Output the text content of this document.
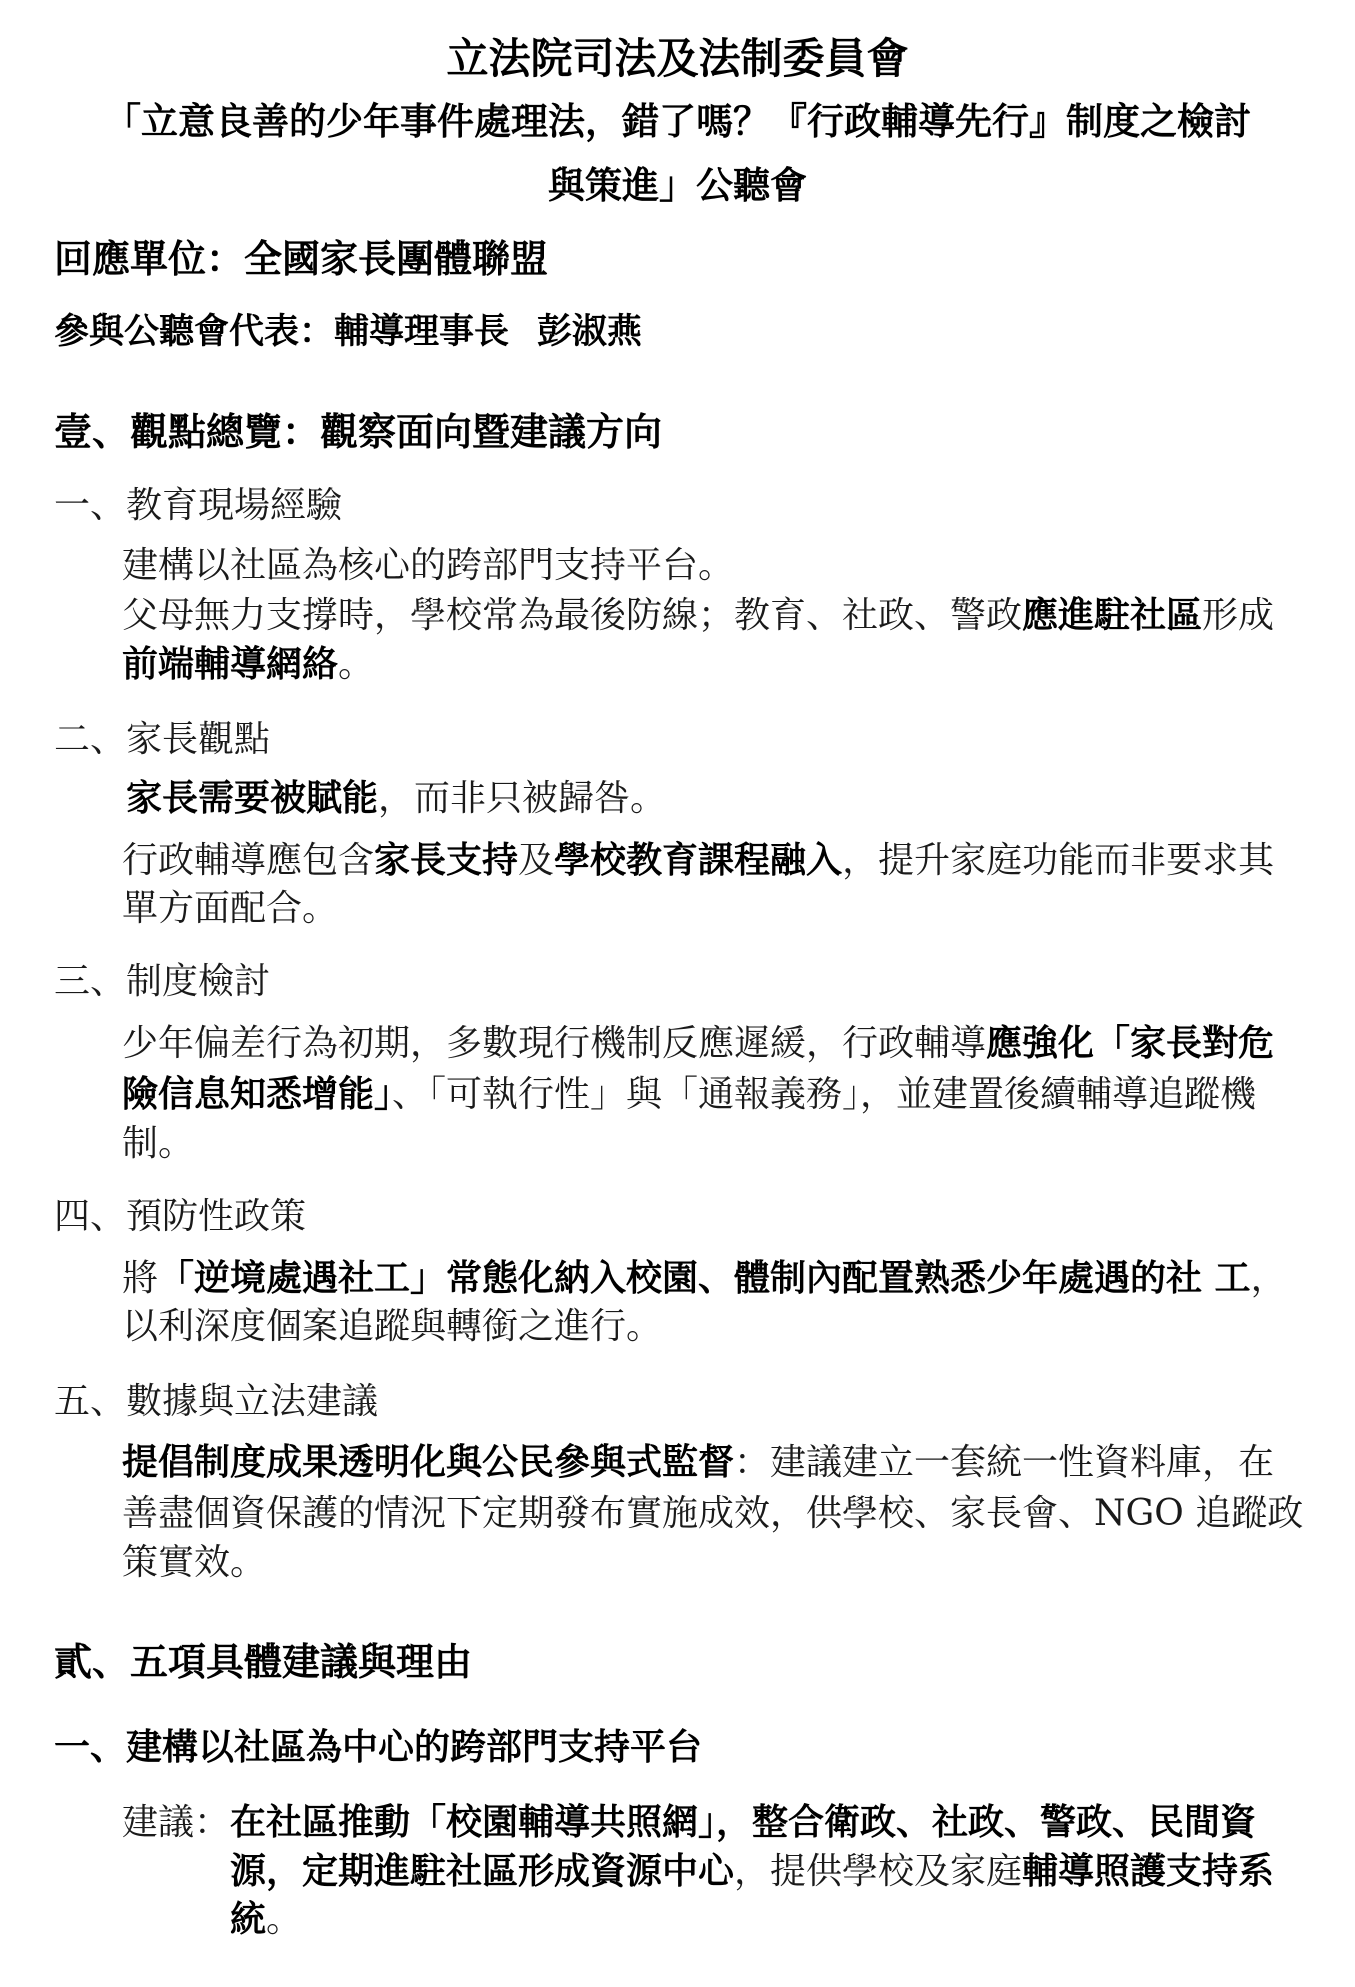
立法院司法及法制委員會
「立意良善的少年事件處理法，錯了嗎？『行政輔導先行』制度之檢討
與策進」公聽會
回應單位：全國家長團體聯盟
參與公聽會代表：輔導理事長 彭淑燕
壹、觀點總覽：觀察面向暨建議方向
一、教育現場經驗
建構以社區為核心的跨部門支持平台。
父母無力支撐時，學校常為最後防線；教育、社政、警政應進駐社區形成
前端輔導網絡。
二、家長觀點
家長需要被賦能，而非只被歸咎。
行政輔導應包含家長支持及學校教育課程融入，提升家庭功能而非要求其
單方面配合。
三、制度檢討
少年偏差行為初期，多數現行機制反應遲緩，行政輔導應強化「家長對危
險信息知悉增能」、「可執行性」與「通報義務」，並建置後續輔導追蹤機
制。
四、預防性政策
將「逆境處遇社工」常態化納入校園、體制內配置熟悉少年處遇的社 工，
以利深度個案追蹤與轉銜之進行。
五、數據與立法建議
提倡制度成果透明化與公民參與式監督：建議建立一套統一性資料庫，在
善盡個資保護的情況下定期發布實施成效，供學校、家長會、NGO 追蹤政
策實效。
貳、五項具體建議與理由
一、建構以社區為中心的跨部門支持平台
建議：在社區推動「校園輔導共照網」，整合衛政、社政、警政、民間資
源，定期進駐社區形成資源中心，提供學校及家庭輔導照護支持系
統。
